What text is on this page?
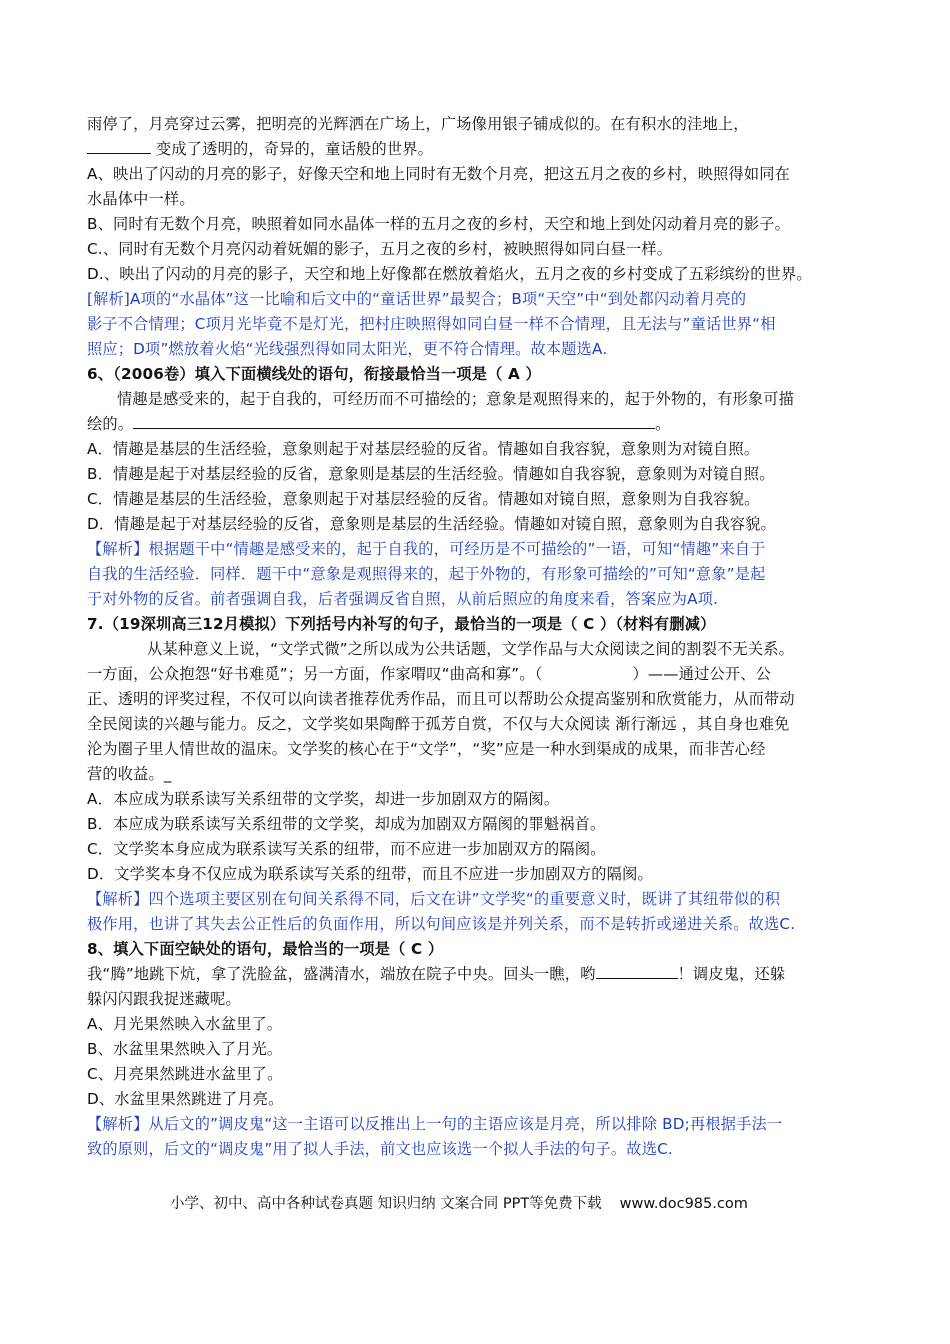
雨停了，月亮穿过云雾，把明亮的光辉洒在广场上，广场像用银子铺成似的。在有积水的洼地上，
变成了透明的，奇异的，童话般的世界。
A、映出了闪动的月亮的影子，好像天空和地上同时有无数个月亮，把这五月之夜的乡村，映照得如同在
水晶体中一样。
B、同时有无数个月亮，映照着如同水晶体一样的五月之夜的乡村，天空和地上到处闪动着月亮的影子。
C.、同时有无数个月亮闪动着妩媚的影子，五月之夜的乡村，被映照得如同白昼一样。
D.、映出了闪动的月亮的影子，天空和地上好像都在燃放着焰火，五月之夜的乡村变成了五彩缤纷的世界。
[解析]A项的“水晶体”这一比喻和后文中的“童话世界”最契合；B项“天空”中“到处都闪动着月亮的
影子不合情理；C项月光毕竟不是灯光，把村庄映照得如同白昼一样不合情理，且无法与”童话世界“相
照应；D项”燃放着火焰“光线强烈得如同太阳光，更不符合情理。故本题选A.
6、（2006卷）填入下面横线处的语句，衔接最恰当一项是（ A ）
情趣是感受来的，起于自我的，可经历而不可描绘的；意象是观照得来的，起于外物的，有形象可描
绘的。	。
A．情趣是基层的生活经验，意象则起于对基层经验的反省。情趣如自我容貌，意象则为对镜自照。
B．情趣是起于对基层经验的反省，意象则是基层的生活经验。情趣如自我容貌，意象则为对镜自照。
C．情趣是基层的生活经验，意象则起于对基层经验的反省。情趣如对镜自照，意象则为自我容貌。
D．情趣是起于对基层经验的反省，意象则是基层的生活经验。情趣如对镜自照，意象则为自我容貌。
【解析】根据题干中“情趣是感受来的，起于自我的，可经历是不可描绘的”一语，可知“情趣”来自于
自我的生活经验．同样．题干中“意象是观照得来的，起于外物的，有形象可描绘的”可知“意象”是起
于对外物的反省。前者强调自我，后者强调反省自照，从前后照应的角度来看，答案应为A项.
7.（19深圳高三12月模拟）下列括号内补写的句子，最恰当的一项是（ C ）（材料有删减）
从某种意义上说，“文学式微”之所以成为公共话题，文学作品与大众阅读之间的割裂不无关系。
一方面，公众抱怨“好书难觅”；另一方面，作家喟叹“曲高和寡”。（	）——通过公开、公
正、透明的评奖过程，不仅可以向读者推荐优秀作品，而且可以帮助公众提高鉴别和欣赏能力，从而带动
全民阅读的兴趣与能力。反之，文学奖如果陶醉于孤芳自赏，不仅与大众阅读 渐行渐远 ，其自身也难免
沦为圈子里人情世故的温床。文学奖的核心在于“文学”，“奖”应是一种水到渠成的成果，而非苦心经
营的收益。_
A．本应成为联系读写关系纽带的文学奖，却进一步加剧双方的隔阂。
B．本应成为联系读写关系纽带的文学奖，却成为加剧双方隔阂的罪魁祸首。
C．文学奖本身应成为联系读写关系的纽带，而不应进一步加剧双方的隔阂。
D．文学奖本身不仅应成为联系读写关系的纽带，而且不应进一步加剧双方的隔阂。
【解析】四个选项主要区别在句间关系得不同，后文在讲”文学奖“的重要意义时，既讲了其纽带似的积
极作用，也讲了其失去公正性后的负面作用，所以句间应该是并列关系，而不是转折或递进关系。故选C.
8、填入下面空缺处的语句，最恰当的一项是（ C ）
我“腾”地跳下炕，拿了洗脸盆，盛满清水，端放在院子中央。回头一瞧，哟	！调皮鬼，还躲
躲闪闪跟我捉迷藏呢。
A、月光果然映入水盆里了。
B、水盆里果然映入了月光。
C、月亮果然跳进水盆里了。
D、水盆里果然跳进了月亮。
【解析】从后文的”调皮鬼“这一主语可以反推出上一句的主语应该是月亮，所以排除 BD;再根据手法一
致的原则，后文的“调皮鬼”用了拟人手法，前文也应该选一个拟人手法的句子。故选C.
小学、初中、高中各种试卷真题 知识归纳 文案合同 PPT等免费下载 www.doc985.com
